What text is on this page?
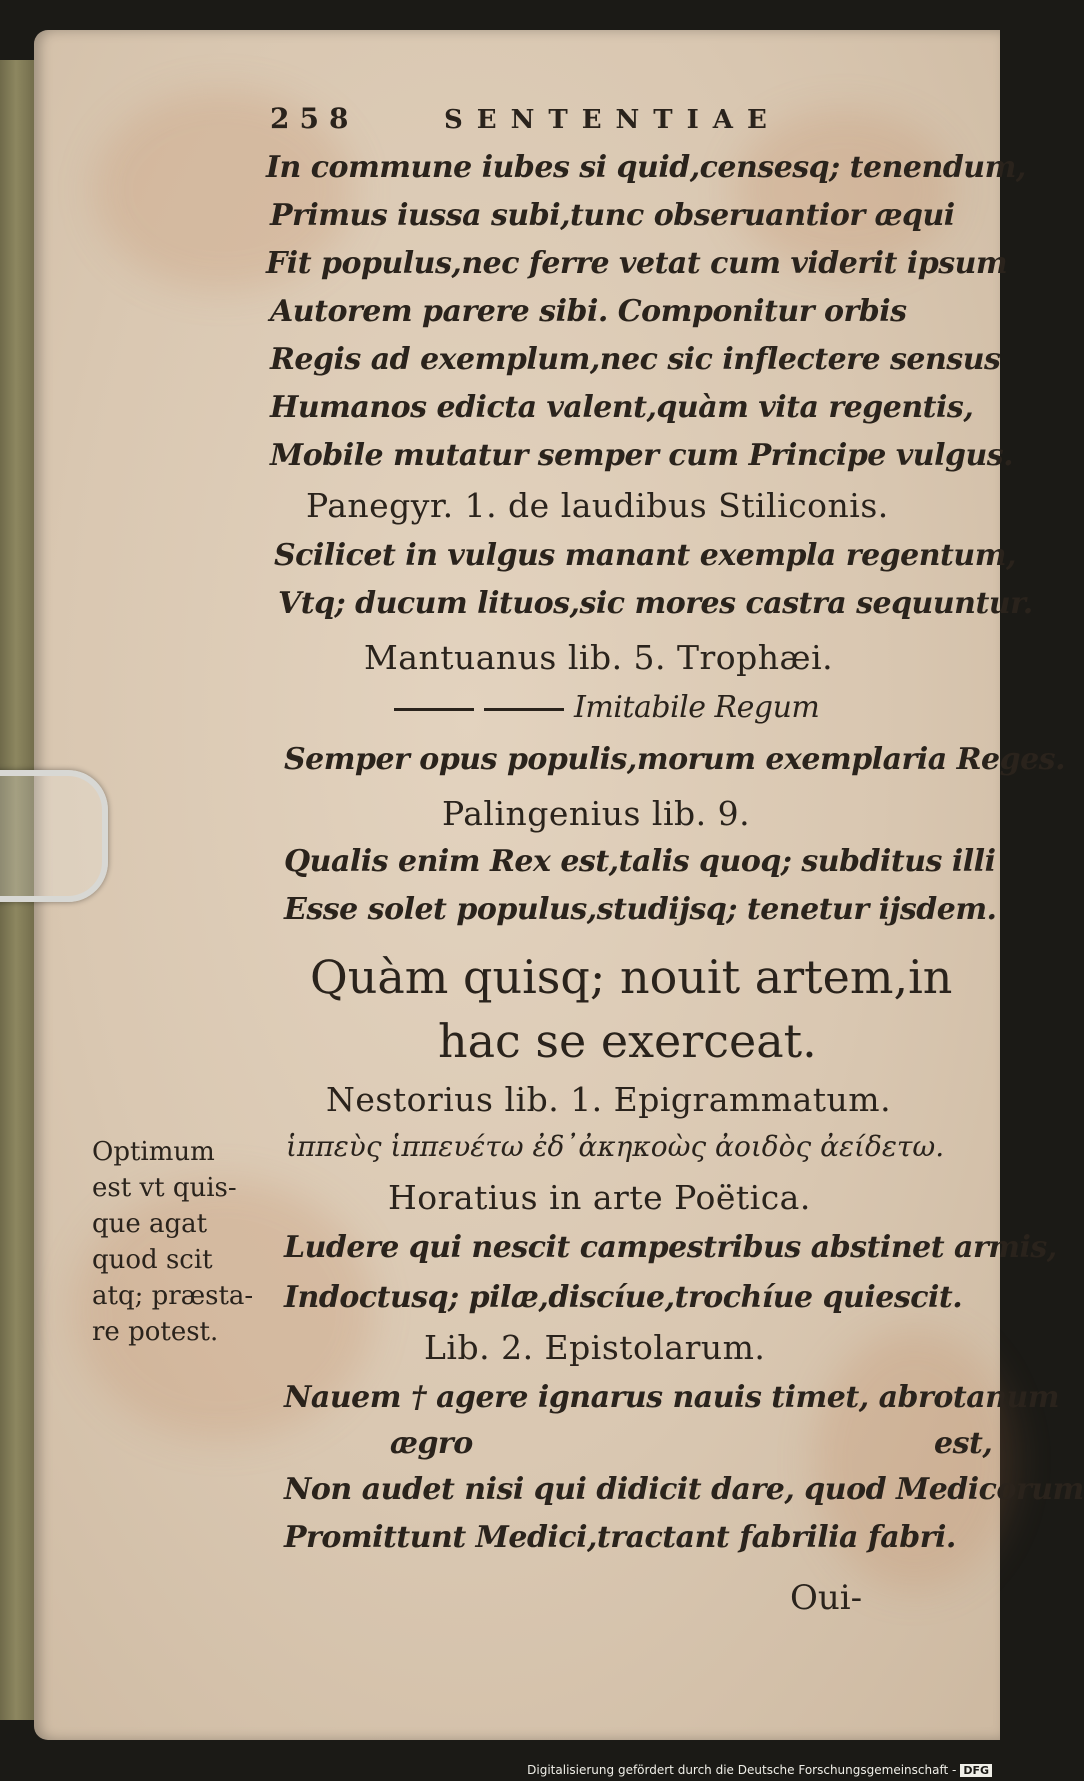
258	SENTENTIAE
In commune iubes si quid,censesq; tenendum,
Primus iussa subi,tunc obseruantior æqui
Fit populus,nec ferre vetat cum viderit ipsum
Autorem parere sibi. Componitur orbis
Regis ad exemplum,nec sic inflectere sensus
Humanos edicta valent,quàm vita regentis,
Mobile mutatur semper cum Principe vulgus.
Panegyr. 1. de laudibus Stiliconis.
Scilicet in vulgus manant exempla regentum,
Vtq; ducum lituos,sic mores castra sequuntur.
Mantuanus lib. 5. Trophæi.
Imitabile Regum
Semper opus populis,morum exemplaria Reges.
Palingenius lib. 9.
Qualis enim Rex est,talis quoq; subditus illi
Esse solet populus,studijsq; tenetur ijsdem.
Quàm quisq; nouit artem,in
hac se exerceat.
Nestorius lib. 1. Epigrammatum.
ἱππεὺς ἱππευέτω ἐδ᾽ἀκηκοὼς ἀοιδὸς ἀείδετω.
Horatius in arte Poëtica.
Ludere qui nescit campestribus abstinet armis,
Indoctusq; pilæ,discíue,trochíue quiescit.
Lib. 2. Epistolarum.
Nauem † agere ignarus nauis timet, abrotanum
ægro	est,
Non audet nisi qui didicit dare, quod Medicorum
Promittunt Medici,tractant fabrilia fabri.
Oui-
Optimum
est vt quis-
que agat
quod scit
atq; præsta-
re potest.
Digitalisierung gefördert durch die Deutsche Forschungsgemeinschaft - DFG
